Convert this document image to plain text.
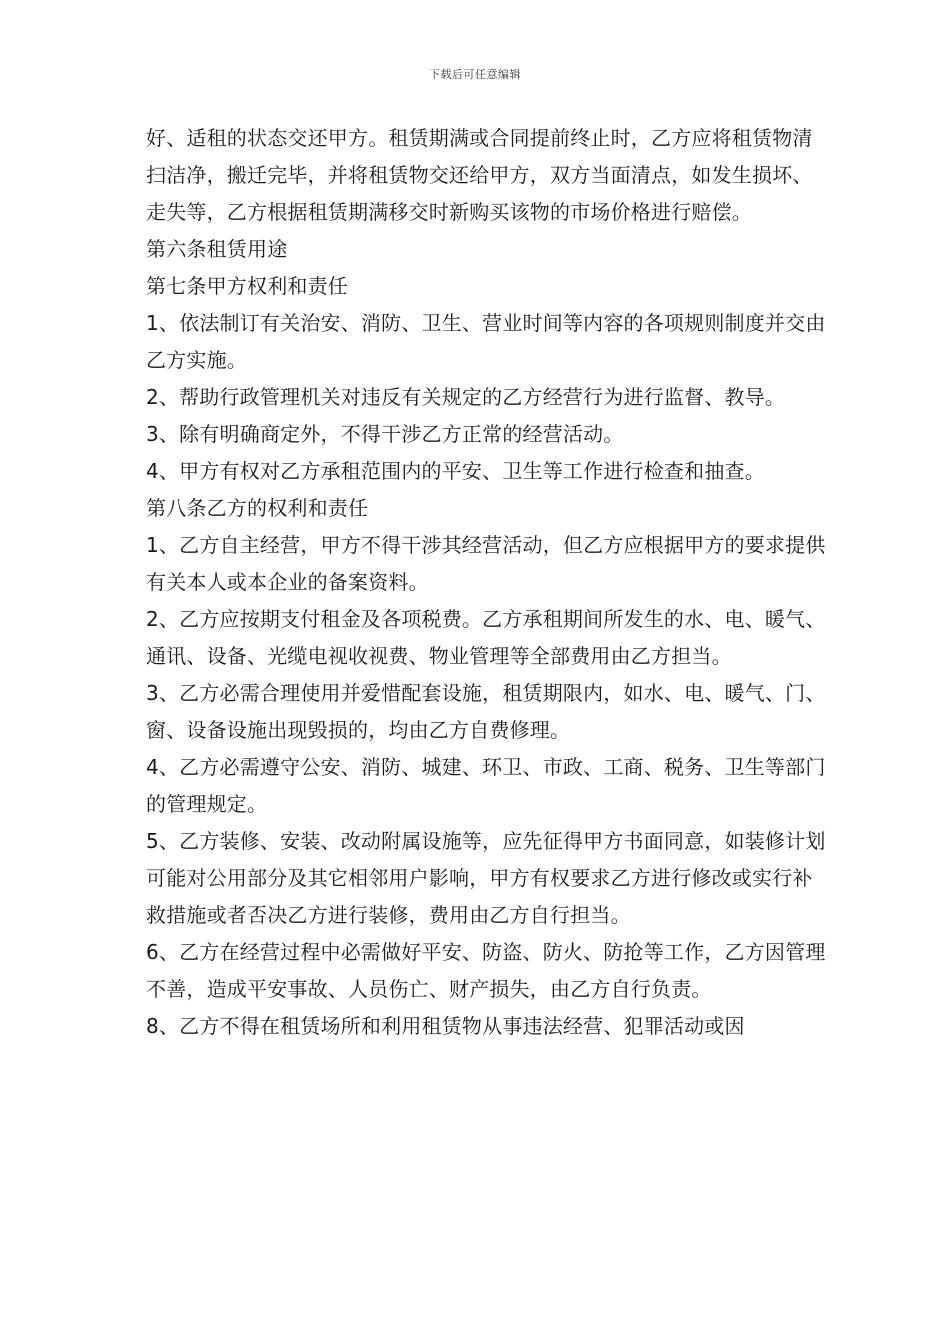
下载后可任意编辑

好、适租的状态交还甲方。租赁期满或合同提前终止时，乙方应将租赁物清扫洁净，搬迁完毕，并将租赁物交还给甲方，双方当面清点，如发生损坏、走失等，乙方根据租赁期满移交时新购买该物的市场价格进行赔偿。

第六条租赁用途

第七条甲方权利和责任

1、依法制订有关治安、消防、卫生、营业时间等内容的各项规则制度并交由乙方实施。

2、帮助行政管理机关对违反有关规定的乙方经营行为进行监督、教导。

3、除有明确商定外，不得干涉乙方正常的经营活动。

4、甲方有权对乙方承租范围内的平安、卫生等工作进行检查和抽查。

第八条乙方的权利和责任

1、乙方自主经营，甲方不得干涉其经营活动，但乙方应根据甲方的要求提供有关本人或本企业的备案资料。

2、乙方应按期支付租金及各项税费。乙方承租期间所发生的水、电、暖气、通讯、设备、光缆电视收视费、物业管理等全部费用由乙方担当。

3、乙方必需合理使用并爱惜配套设施，租赁期限内，如水、电、暖气、门、窗、设备设施出现毁损的，均由乙方自费修理。

4、乙方必需遵守公安、消防、城建、环卫、市政、工商、税务、卫生等部门的管理规定。

5、乙方装修、安装、改动附属设施等，应先征得甲方书面同意，如装修计划可能对公用部分及其它相邻用户影响，甲方有权要求乙方进行修改或实行补救措施或者否决乙方进行装修，费用由乙方自行担当。

6、乙方在经营过程中必需做好平安、防盗、防火、防抢等工作，乙方因管理不善，造成平安事故、人员伤亡、财产损失，由乙方自行负责。

8、乙方不得在租赁场所和利用租赁物从事违法经营、犯罪活动或因
